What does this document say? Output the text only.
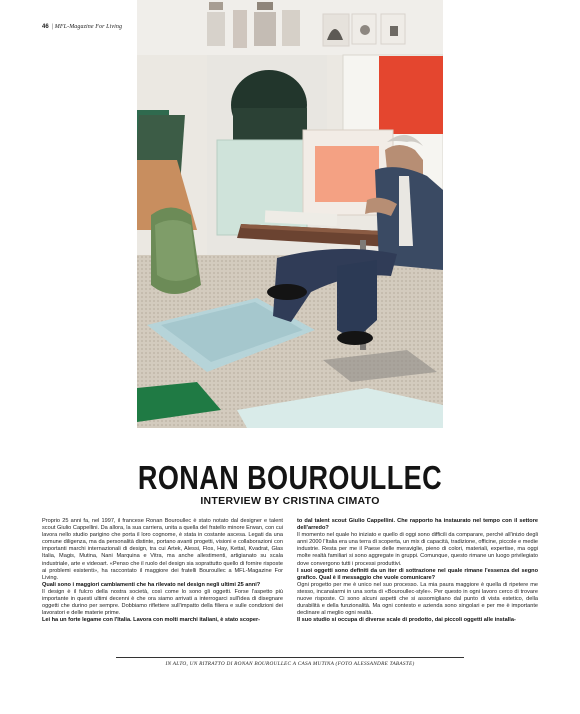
46 | MFL-Magazine For Living
RONAN BOUROULLEC
INTERVIEW BY CRISTINA CIMATO

Proprio 25 anni fa, nel 1997, il francese Ronan Bouroullec è stato notato dal designer e talent scout Giulio Cappellini. Da allora, la sua carriera, unita a quella del fratello minore Erwan, con cui lavora nello studio parigino che porta il loro cognome, è stata in costante ascesa. Legati da una comune diligenza, ma da personalità distinte, portano avanti progetti, visioni e collaborazioni con importanti marchi internazionali di design, tra cui Artek, Alessi, Flos, Hay, Kettal, Kvadrat, Glas Italia, Magis, Mutina, Nani Marquina e Vitra, ma anche allestimenti, artigianato su scala industriale, arte e videoart. «Penso che il ruolo del design sia soprattutto quello di fornire risposte ai problemi esistenti», ha raccontato il maggiore dei fratelli Bouroullec a MFL-Magazine For Living.

Quali sono i maggiori cambiamenti che ha rilevato nel design negli ultimi 25 anni?

Il design è il fulcro della nostra società, così come lo sono gli oggetti. Forse l'aspetto più importante in questi ultimi decenni è che ora siamo arrivati a interrogarci sull'idea di disegnare oggetti che durino per sempre. Dobbiamo riflettere sull'impatto della filiera e sulle condizioni dei lavoratori e delle materie prime.

Lei ha un forte legame con l'Italia. Lavora con molti marchi italiani, è stato scoper-

to dal talent scout Giulio Cappellini. Che rapporto ha instaurato nel tempo con il settore dell'arredo?

Il momento nel quale ho iniziato e quello di oggi sono difficili da comparare, perché all'inizio degli anni 2000 l'Italia era una terra di scoperta, un mix di capacità, tradizione, officine, piccole e medie industrie. Resta per me il Paese delle meraviglie, pieno di colori, materiali, expertise, ma oggi molte realtà familiari si sono aggregate in gruppi. Comunque, questo rimane un luogo privilegiato dove convergono tutti i processi produttivi.

I suoi oggetti sono definiti da un iter di sottrazione nel quale rimane l'essenza del segno grafico. Qual è il messaggio che vuole comunicare?

Ogni progetto per me è unico nel suo processo. La mia paura maggiore è quella di ripetere me stesso, incanalarmi in una sorta di «Bouroullec-style». Per questo in ogni lavoro cerco di trovare nuove risposte. Ci sono alcuni aspetti che si assomigliano dal punto di vista estetico, della durabilità e della funzionalità. Ma ogni contesto e azienda sono singolari e per me è importante declinare al meglio ogni realtà.

Il suo studio si occupa di diverse scale di prodotto, dai piccoli oggetti alle installa-

IN ALTO, UN RITRATTO DI RONAN BOUROULLEC A CASA MUTINA (FOTO ALESSANDRE TABASTE)
